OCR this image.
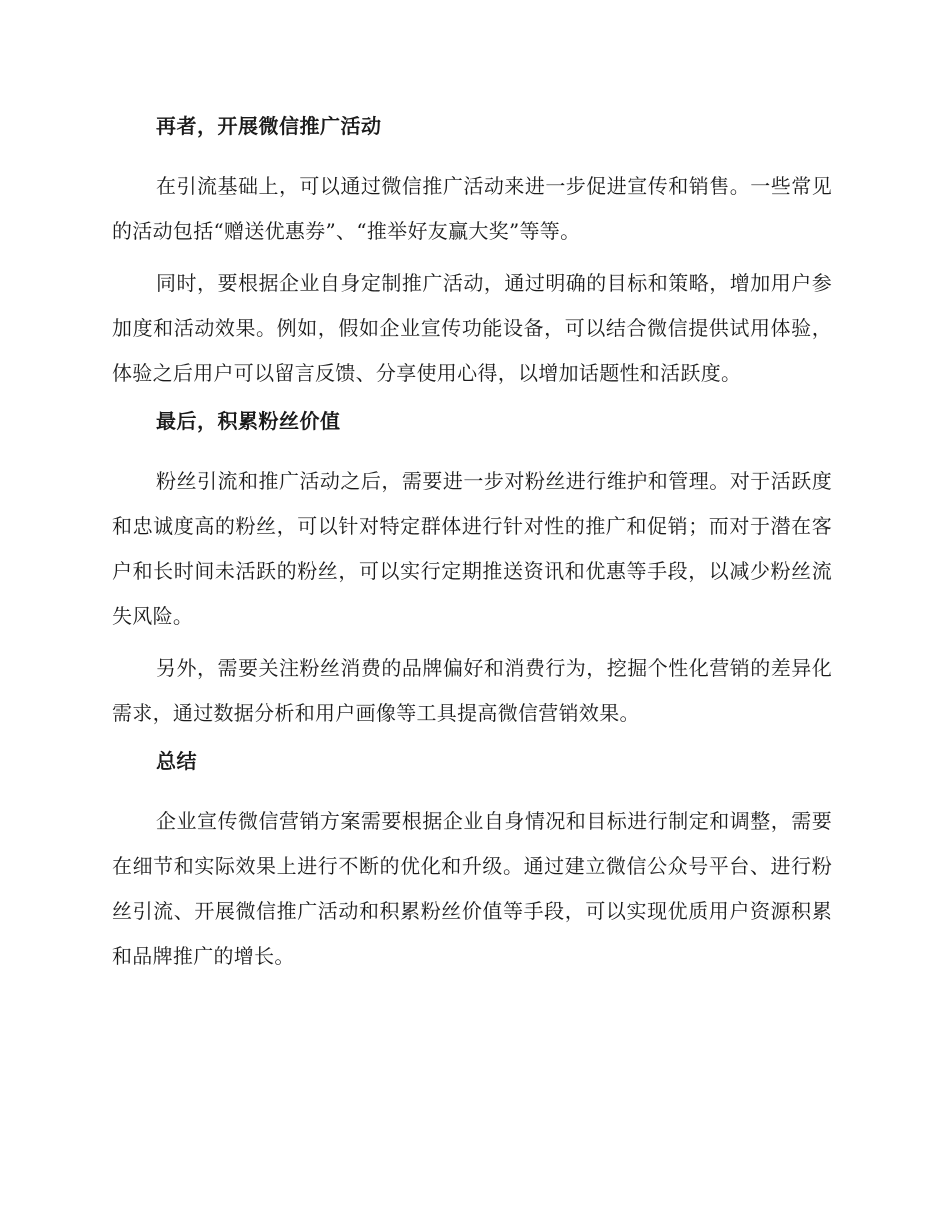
再者，开展微信推广活动

在引流基础上，可以通过微信推广活动来进一步促进宣传和销售。一些常见的活动包括“赠送优惠券”、“推举好友赢大奖”等等。

同时，要根据企业自身定制推广活动，通过明确的目标和策略，增加用户参加度和活动效果。例如，假如企业宣传功能设备，可以结合微信提供试用体验，体验之后用户可以留言反馈、分享使用心得，以增加话题性和活跃度。

最后，积累粉丝价值

粉丝引流和推广活动之后，需要进一步对粉丝进行维护和管理。对于活跃度和忠诚度高的粉丝，可以针对特定群体进行针对性的推广和促销；而对于潜在客户和长时间未活跃的粉丝，可以实行定期推送资讯和优惠等手段，以减少粉丝流失风险。

另外，需要关注粉丝消费的品牌偏好和消费行为，挖掘个性化营销的差异化需求，通过数据分析和用户画像等工具提高微信营销效果。

总结

企业宣传微信营销方案需要根据企业自身情况和目标进行制定和调整，需要在细节和实际效果上进行不断的优化和升级。通过建立微信公众号平台、进行粉丝引流、开展微信推广活动和积累粉丝价值等手段，可以实现优质用户资源积累和品牌推广的增长。
